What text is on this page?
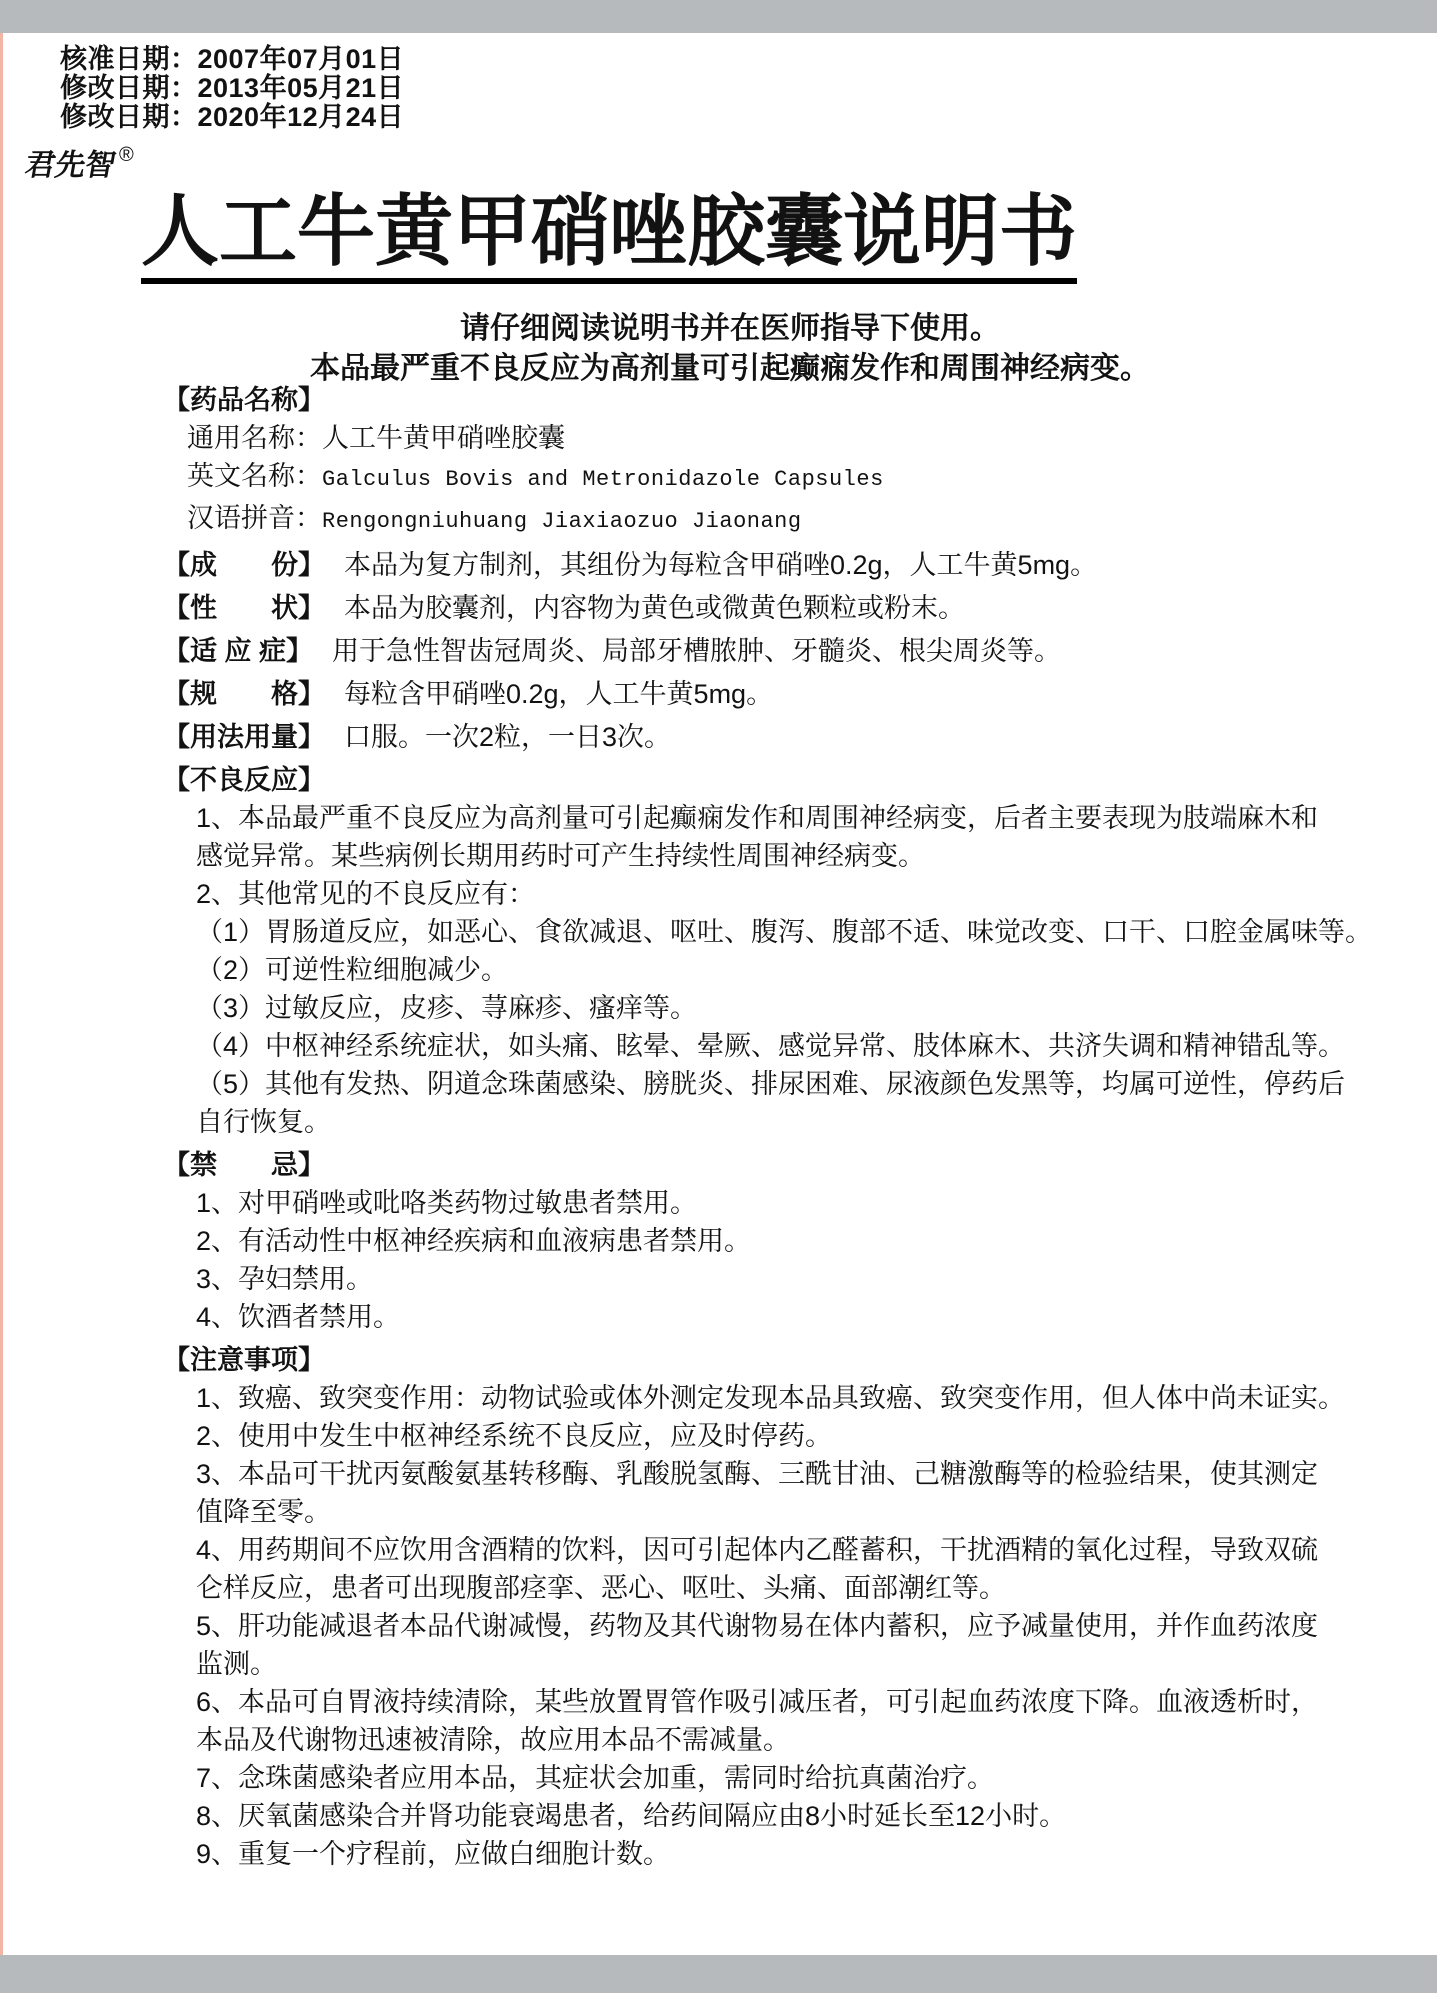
核准日期：2007年07月01日
修改日期：2013年05月21日
修改日期：2020年12月24日
君先智®
人工牛黄甲硝唑胶囊说明书
请仔细阅读说明书并在医师指导下使用。
本品最严重不良反应为高剂量可引起癫痫发作和周围神经病变。
【药品名称】
通用名称：人工牛黄甲硝唑胶囊
英文名称：Galculus Bovis and Metronidazole Capsules
汉语拼音：Rengongniuhuang Jiaxiaozuo Jiaonang
【成　　份】 本品为复方制剂，其组份为每粒含甲硝唑0.2g，人工牛黄5mg。
【性　　状】 本品为胶囊剂，内容物为黄色或微黄色颗粒或粉末。
【适 应 症】 用于急性智齿冠周炎、局部牙槽脓肿、牙髓炎、根尖周炎等。
【规　　格】 每粒含甲硝唑0.2g，人工牛黄5mg。
【用法用量】 口服。一次2粒，一日3次。
【不良反应】
1、本品最严重不良反应为高剂量可引起癫痫发作和周围神经病变，后者主要表现为肢端麻木和
感觉异常。某些病例长期用药时可产生持续性周围神经病变。
2、其他常见的不良反应有：
（1）胃肠道反应，如恶心、食欲减退、呕吐、腹泻、腹部不适、味觉改变、口干、口腔金属味等。
（2）可逆性粒细胞减少。
（3）过敏反应，皮疹、荨麻疹、瘙痒等。
（4）中枢神经系统症状，如头痛、眩晕、晕厥、感觉异常、肢体麻木、共济失调和精神错乱等。
（5）其他有发热、阴道念珠菌感染、膀胱炎、排尿困难、尿液颜色发黑等，均属可逆性，停药后
自行恢复。
【禁　　忌】
1、对甲硝唑或吡咯类药物过敏患者禁用。
2、有活动性中枢神经疾病和血液病患者禁用。
3、孕妇禁用。
4、饮酒者禁用。
【注意事项】
1、致癌、致突变作用：动物试验或体外测定发现本品具致癌、致突变作用，但人体中尚未证实。
2、使用中发生中枢神经系统不良反应，应及时停药。
3、本品可干扰丙氨酸氨基转移酶、乳酸脱氢酶、三酰甘油、己糖激酶等的检验结果，使其测定
值降至零。
4、用药期间不应饮用含酒精的饮料，因可引起体内乙醛蓄积，干扰酒精的氧化过程，导致双硫
仑样反应，患者可出现腹部痉挛、恶心、呕吐、头痛、面部潮红等。
5、肝功能减退者本品代谢减慢，药物及其代谢物易在体内蓄积，应予减量使用，并作血药浓度
监测。
6、本品可自胃液持续清除，某些放置胃管作吸引减压者，可引起血药浓度下降。血液透析时，
本品及代谢物迅速被清除，故应用本品不需减量。
7、念珠菌感染者应用本品，其症状会加重，需同时给抗真菌治疗。
8、厌氧菌感染合并肾功能衰竭患者，给药间隔应由8小时延长至12小时。
9、重复一个疗程前，应做白细胞计数。
